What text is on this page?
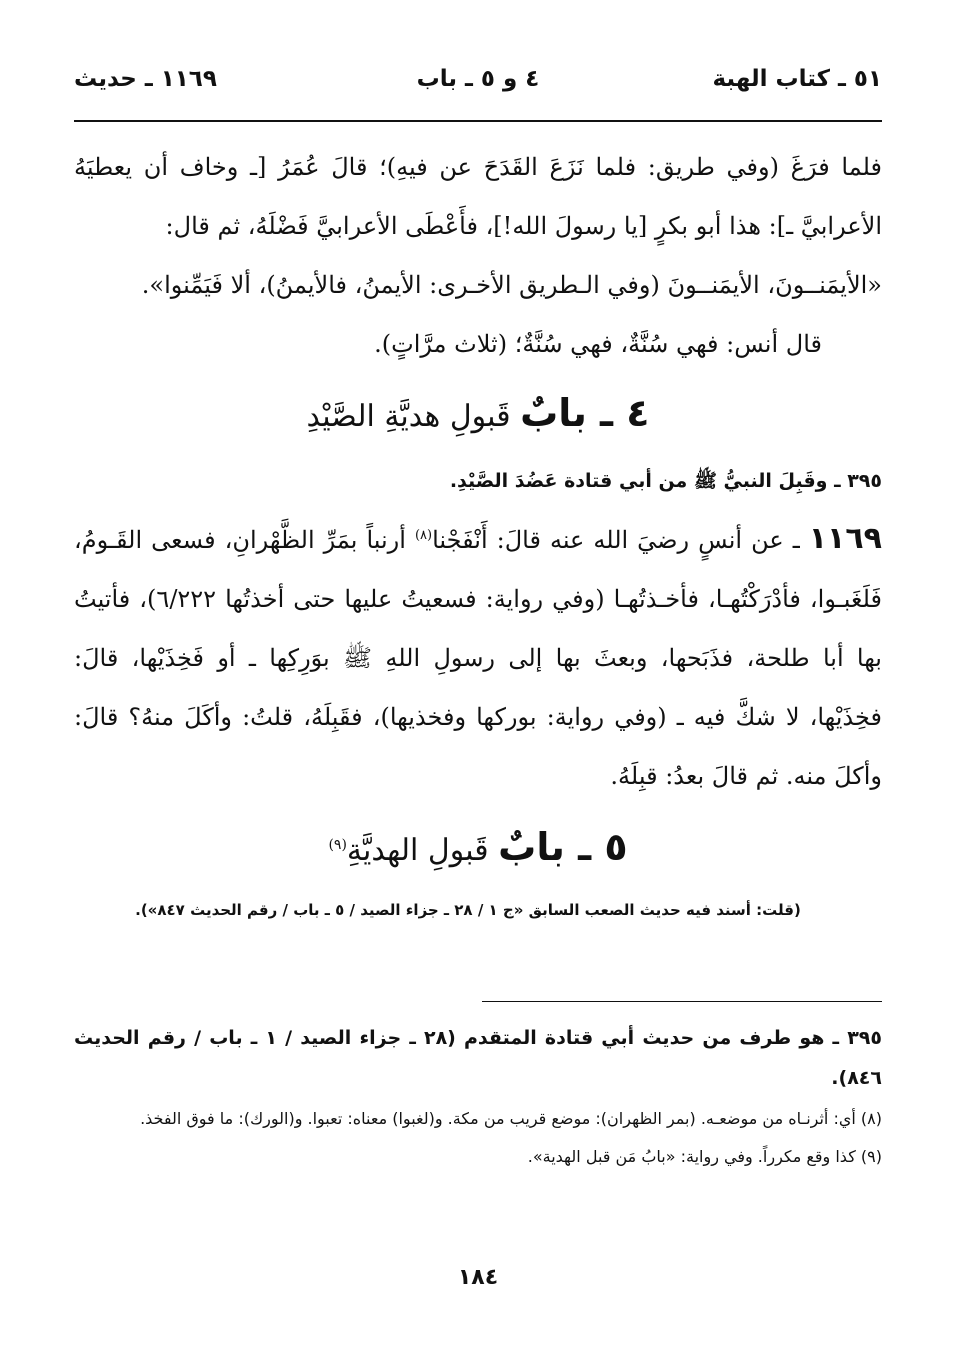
٥١ ـ كتاب الهبة
٤ و ٥ ـ باب
١١٦٩ ـ حديث

فلما فرَغَ (وفي طريق: فلما نَزَعَ القَدَحَ عن فيهِ)؛ قالَ عُمَرُ [ـ وخاف أن يعطيَهُ الأعرابيَّ ـ]: هذا أبو بكرٍ [يا رسولَ الله!]، فأَعْطَى الأعرابيَّ فَضْلَهُ، ثم قال:

«الأيمَنــونَ، الأيمَنــونَ (وفي الـطريق الأخـرى: الأيمنُ، فالأيمنُ)، ألا فَيَمِّنوا».

قال أنس: فهي سُنَّةٌ، فهي سُنَّةٌ؛ (ثلاث مرَّاتٍ).

٤ ـ بابٌ قَبولِ هديَّةِ الصَّيْدِ

٣٩٥ ـ وقَبِلَ النبيُّ ﷺ من أبي قتادة عَضُدَ الصَّيْدِ.

١١٦٩ ـ عن أنسٍ رضيَ الله عنه قالَ: أَنْفَجْنا$^{(٨)}$ أرنباً بمَرِّ الظَّهْرانِ، فسعى القَـومُ، فَلَغَبـوا، فأدْرَكْتُهـا، فأخـذتُهـا (وفي رواية: فسعيتُ عليها حتى أخذتُها ٦/٢٢٢)، فأتيتُ بها أبا طلحة، فذَبَحها، وبعثَ بها إلى رسولِ اللهِ ﷺ بوَرِكِها ـ أو فَخِذَيْها، قالَ: فخِذَيْها، لا شكَّ فيه ـ (وفي رواية: بوركها وفخذيها)، فقَبِلَهُ، قلتُ: وأكَلَ منهُ؟ قالَ: وأكلَ منه. ثم قالَ بعدُ: قبِلَهُ.

٥ ـ بابٌ قَبولِ الهديَّةِ$^{(٩)}$

(قلت: أسند فيه حديث الصعب السابق «ج ١ / ٢٨ ـ جزاء الصيد / ٥ ـ باب / رقم الحديث ٨٤٧»).

٣٩٥ ـ هو طرف من حديث أبي قتادة المتقدم (٢٨ ـ جزاء الصيد / ١ ـ باب / رقم الحديث ٨٤٦).

(٨) أي: أثرنـاه من موضعـه. (بمر الظهران): موضع قريب من مكة. و(لغبوا) معناه: تعبوا. و(الورك): ما فوق الفخذ.

(٩) كذا وقع مكرراً. وفي رواية: «بابُ مَن قبل الهدية».

١٨٤
